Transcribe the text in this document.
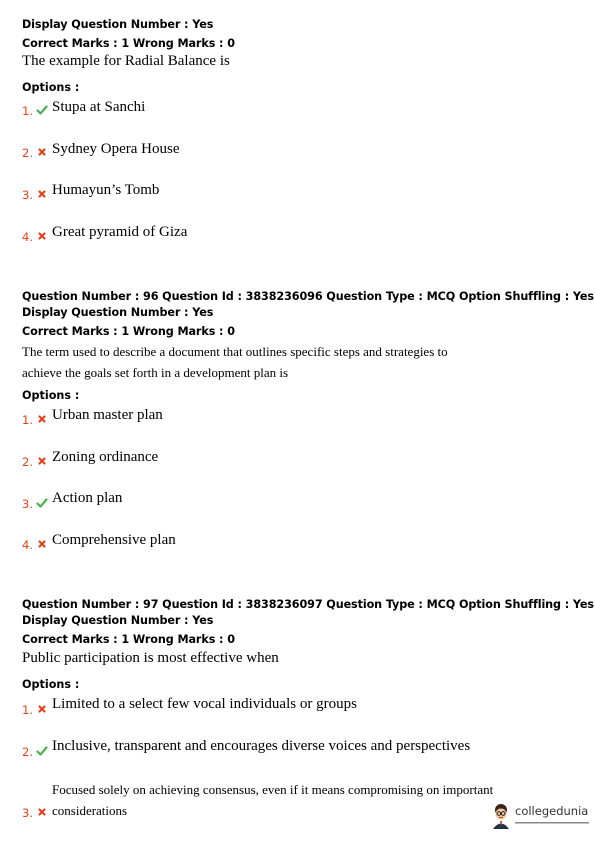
Display Question Number : Yes
Correct Marks : 1 Wrong Marks : 0
The example for Radial Balance is
Options :
1. Stupa at Sanchi
2. Sydney Opera House
3. Humayun’s Tomb
4. Great pyramid of Giza
Question Number : 96 Question Id : 3838236096 Question Type : MCQ Option Shuffling : Yes
Display Question Number : Yes
Correct Marks : 1 Wrong Marks : 0
The term used to describe a document that outlines specific steps and strategies to
achieve the goals set forth in a development plan is
Options :
1. Urban master plan
2. Zoning ordinance
3. Action plan
4. Comprehensive plan
Question Number : 97 Question Id : 3838236097 Question Type : MCQ Option Shuffling : Yes
Display Question Number : Yes
Correct Marks : 1 Wrong Marks : 0
Public participation is most effective when
Options :
1. Limited to a select few vocal individuals or groups
2. Inclusive, transparent and encourages diverse voices and perspectives
Focused solely on achieving consensus, even if it means compromising on important
3. considerations	collegedunia
